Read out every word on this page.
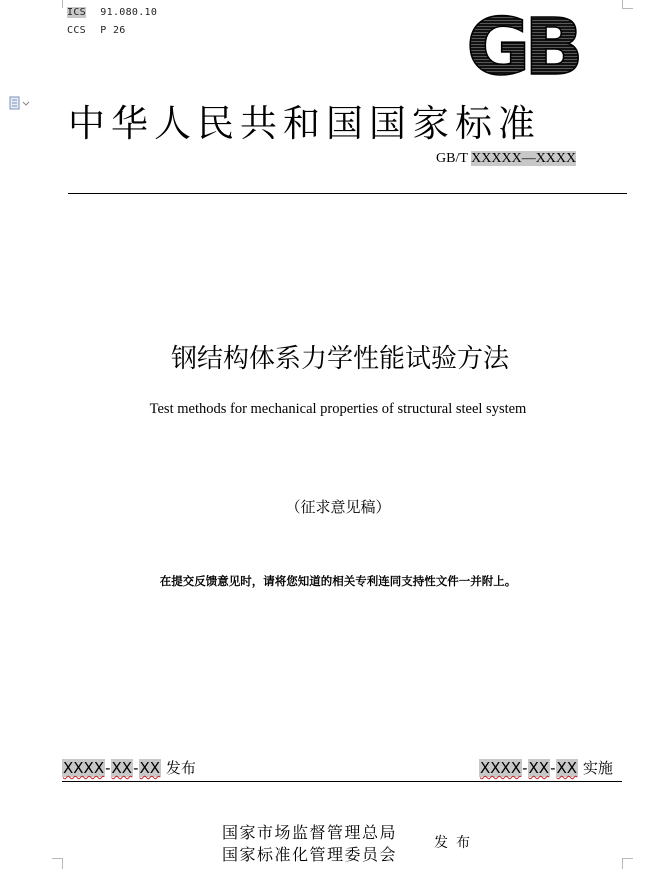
ICS 91.080.10
CCS P 26	GB
中华人民共和国国家标准
GB/T XXXXX—XXXX
钢结构体系力学性能试验方法
Test methods for mechanical properties of structural steel system
（征求意见稿）
在提交反馈意见时，请将您知道的相关专利连同支持性文件一并附上。
XXXX-XX-XX 发布	XXXX-XX-XX 实施
国家市场监督管理总局
国家标准化管理委员会
发布
